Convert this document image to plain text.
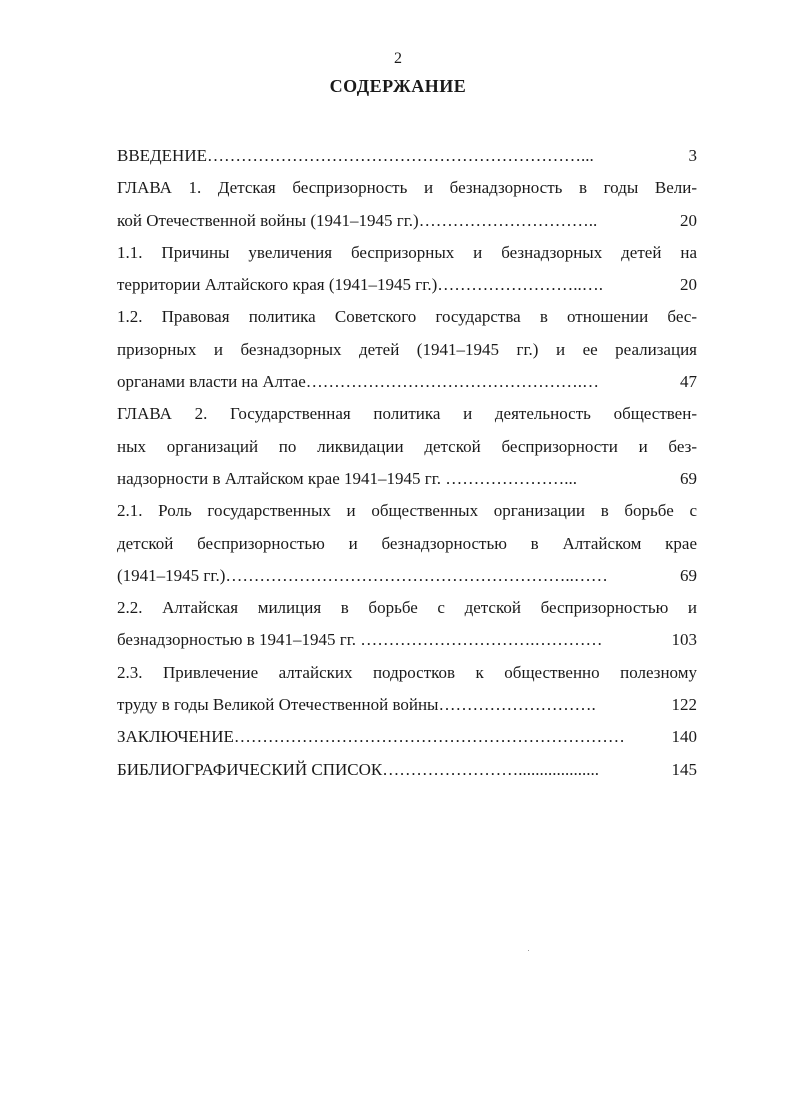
2
СОДЕРЖАНИЕ
ВВЕДЕНИЕ…………………………………………………………...	3
ГЛАВА 1. Детская беспризорность и безнадзорность в годы Вели-
кой Отечественной войны (1941–1945 гг.)…………………………..	20
1.1. Причины увеличения беспризорных и безнадзорных детей на
территории Алтайского края (1941–1945 гг.)……………………..….	20
1.2. Правовая политика Советского государства в отношении бес-
призорных и безнадзорных детей (1941–1945 гг.) и ее реализация
органами власти на Алтае………………………………………….…	47
ГЛАВА 2. Государственная политика и деятельность обществен-
ных организаций по ликвидации детской беспризорности и без-
надзорности в Алтайском крае 1941–1945 гг. …………………...	69
2.1. Роль государственных и общественных организации в борьбе с
детской беспризорностью и безнадзорностью в Алтайском крае
(1941–1945 гг.)……………………………………………………..……	69
2.2. Алтайская милиция в борьбе с детской беспризорностью и
безнадзорностью в 1941–1945 гг. ………………………….…………	103
2.3. Привлечение алтайских подростков к общественно полезному
труду в годы Великой Отечественной войны……………………….	122
ЗАКЛЮЧЕНИЕ……………………………………………………………	140
БИБЛИОГРАФИЧЕСКИЙ СПИСОК……………………...................	145
